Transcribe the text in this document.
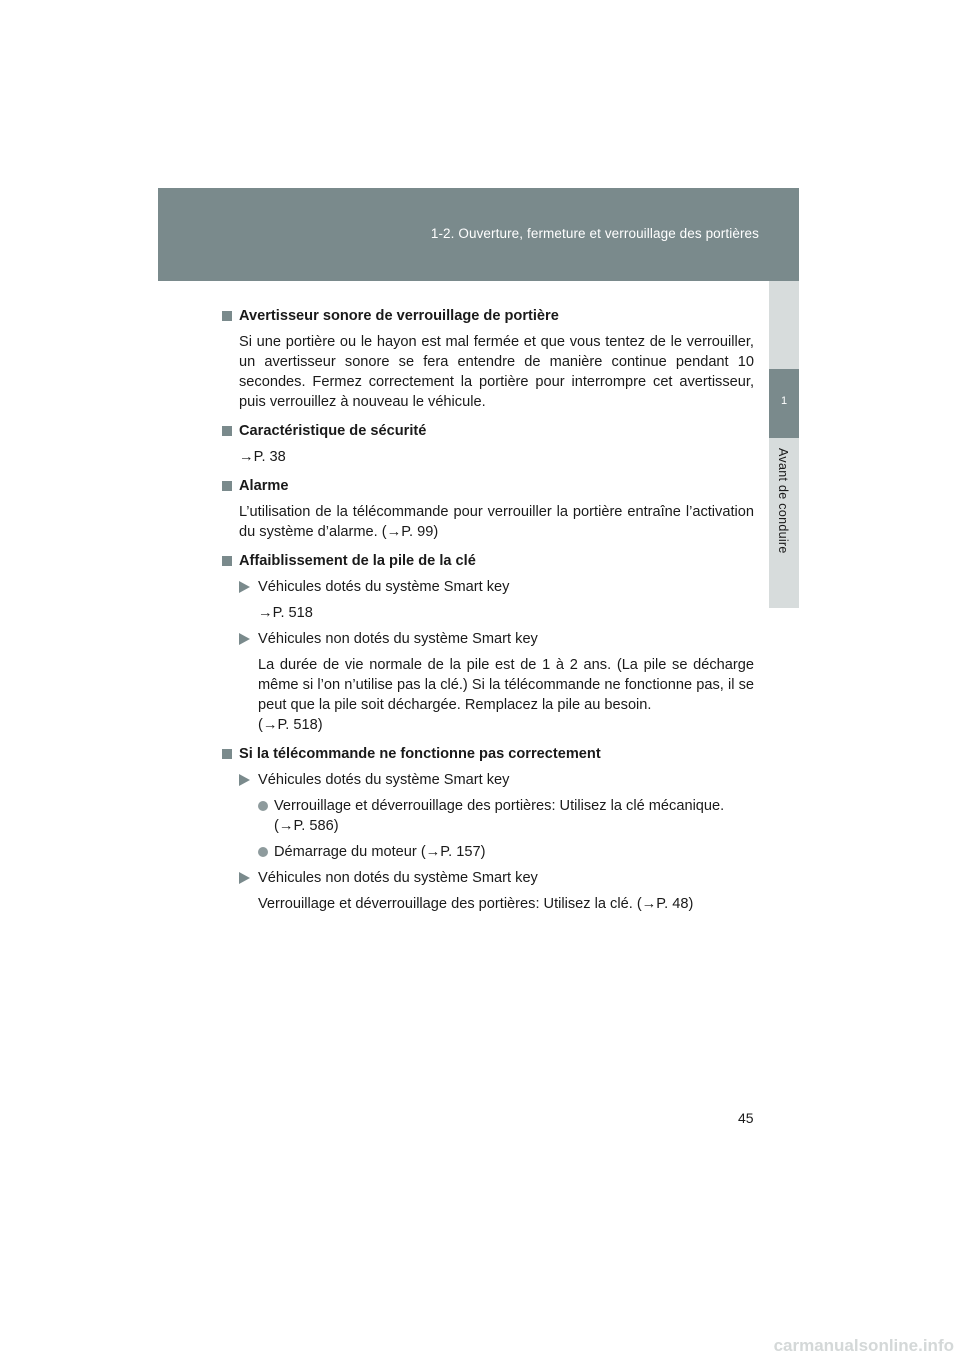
1-2. Ouverture, fermeture et verrouillage des portières
1
Avant de conduire
Avertisseur sonore de verrouillage de portière
Si une portière ou le hayon est mal fermée et que vous tentez de le verrouiller, un avertisseur sonore se fera entendre de manière continue pendant 10 secondes. Fermez correctement la portière pour interrompre cet avertisseur, puis verrouillez à nouveau le véhicule.
Caractéristique de sécurité
→P. 38
Alarme
L’utilisation de la télécommande pour verrouiller la portière entraîne l’activation du système d’alarme. (→P. 99)
Affaiblissement de la pile de la clé
Véhicules dotés du système Smart key
→P. 518
Véhicules non dotés du système Smart key
La durée de vie normale de la pile est de 1 à 2 ans. (La pile se décharge même si l’on n’utilise pas la clé.) Si la télécommande ne fonctionne pas, il se peut que la pile soit déchargée. Remplacez la pile au besoin.
(→P. 518)
Si la télécommande ne fonctionne pas correctement
Véhicules dotés du système Smart key
Verrouillage et déverrouillage des portières: Utilisez la clé mécanique.
(→P. 586)
Démarrage du moteur (→P. 157)
Véhicules non dotés du système Smart key
Verrouillage et déverrouillage des portières: Utilisez la clé. (→P. 48)
45
carmanualsonline.info
